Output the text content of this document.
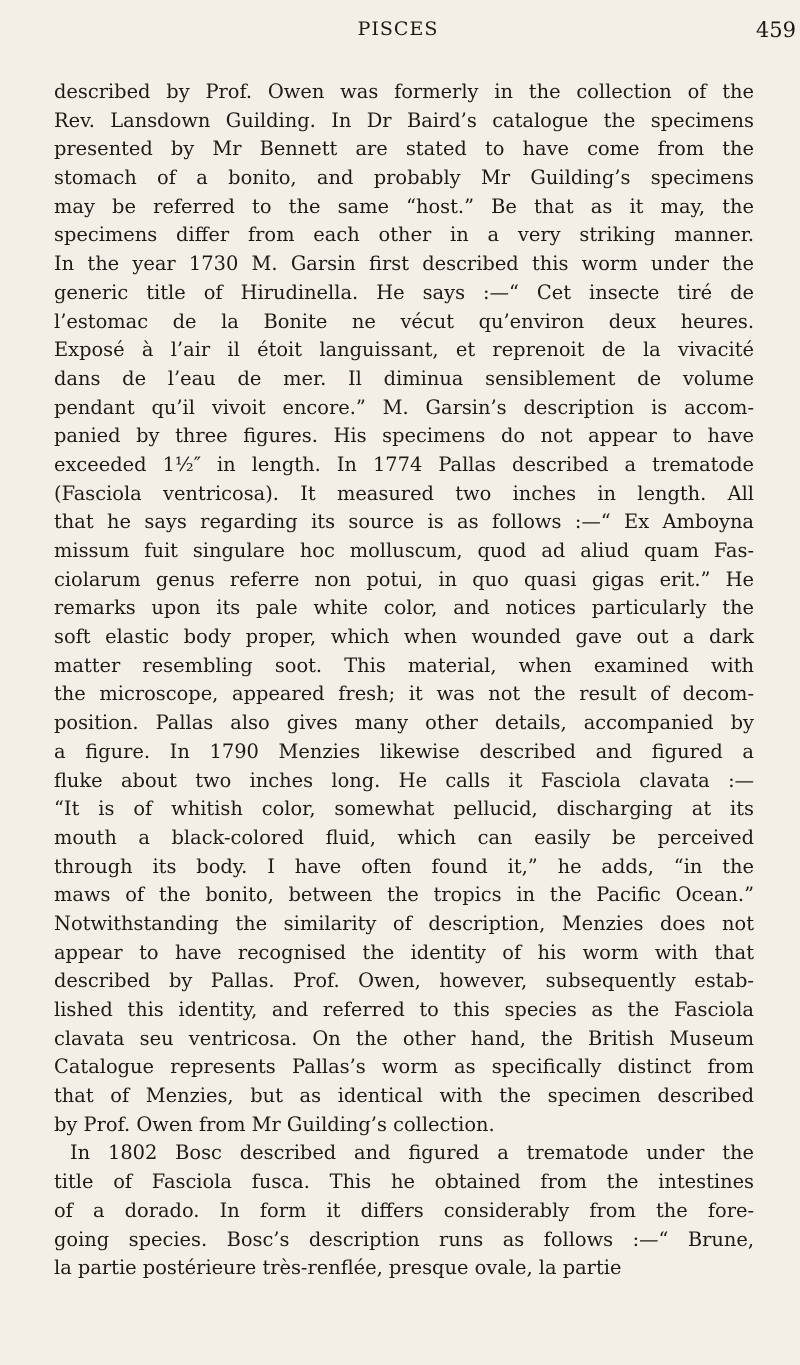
PISCES	459
described by Prof. Owen was formerly in the collection of the
Rev. Lansdown Guilding. In Dr Baird’s catalogue the specimens
presented by Mr Bennett are stated to have come from the
stomach of a bonito, and probably Mr Guilding’s specimens
may be referred to the same “host.” Be that as it may, the
specimens differ from each other in a very striking manner.
In the year 1730 M. Garsin first described this worm under the
generic title of Hirudinella. He says :—“ Cet insecte tiré de
l’estomac de la Bonite ne vécut qu’environ deux heures.
Exposé à l’air il étoit languissant, et reprenoit de la vivacité
dans de l’eau de mer. Il diminua sensiblement de volume
pendant qu’il vivoit encore.” M. Garsin’s description is accom-
panied by three figures. His specimens do not appear to have
exceeded 1½″ in length. In 1774 Pallas described a trematode
(Fasciola ventricosa). It measured two inches in length. All
that he says regarding its source is as follows :—“ Ex Amboyna
missum fuit singulare hoc molluscum, quod ad aliud quam Fas-
ciolarum genus referre non potui, in quo quasi gigas erit.” He
remarks upon its pale white color, and notices particularly the
soft elastic body proper, which when wounded gave out a dark
matter resembling soot. This material, when examined with
the microscope, appeared fresh; it was not the result of decom-
position. Pallas also gives many other details, accompanied by
a figure. In 1790 Menzies likewise described and figured a
fluke about two inches long. He calls it Fasciola clavata :—
“It is of whitish color, somewhat pellucid, discharging at its
mouth a black-colored fluid, which can easily be perceived
through its body. I have often found it,” he adds, “in the
maws of the bonito, between the tropics in the Pacific Ocean.”
Notwithstanding the similarity of description, Menzies does not
appear to have recognised the identity of his worm with that
described by Pallas. Prof. Owen, however, subsequently estab-
lished this identity, and referred to this species as the Fasciola
clavata seu ventricosa. On the other hand, the British Museum
Catalogue represents Pallas’s worm as specifically distinct from
that of Menzies, but as identical with the specimen described
by Prof. Owen from Mr Guilding’s collection.
In 1802 Bosc described and figured a trematode under the
title of Fasciola fusca. This he obtained from the intestines
of a dorado. In form it differs considerably from the fore-
going species. Bosc’s description runs as follows :—“ Brune,
la partie postérieure très-renflée, presque ovale, la partie
